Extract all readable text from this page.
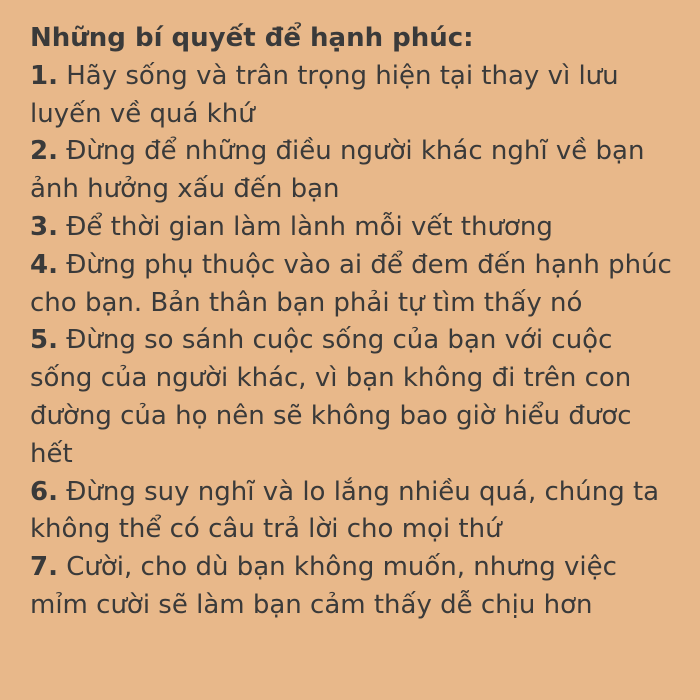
Những bí quyết để hạnh phúc:
1. Hãy sống và trân trọng hiện tại thay vì lưu luyến về quá khứ
2. Đừng để những điều người khác nghĩ về bạn ảnh hưởng xấu đến bạn
3. Để thời gian làm lành mỗi vết thương
4. Đừng phụ thuộc vào ai để đem đến hạnh phúc cho bạn. Bản thân bạn phải tự tìm thấy nó
5. Đừng so sánh cuộc sống của bạn với cuộc sống của người khác, vì bạn không đi trên con đường của họ nên sẽ không bao giờ hiểu đươc hết
6. Đừng suy nghĩ và lo lắng nhiều quá, chúng ta không thể có câu trả lời cho mọi thứ
7. Cười, cho dù bạn không muốn, nhưng việc mỉm cười sẽ làm bạn cảm thấy dễ chịu hơn
